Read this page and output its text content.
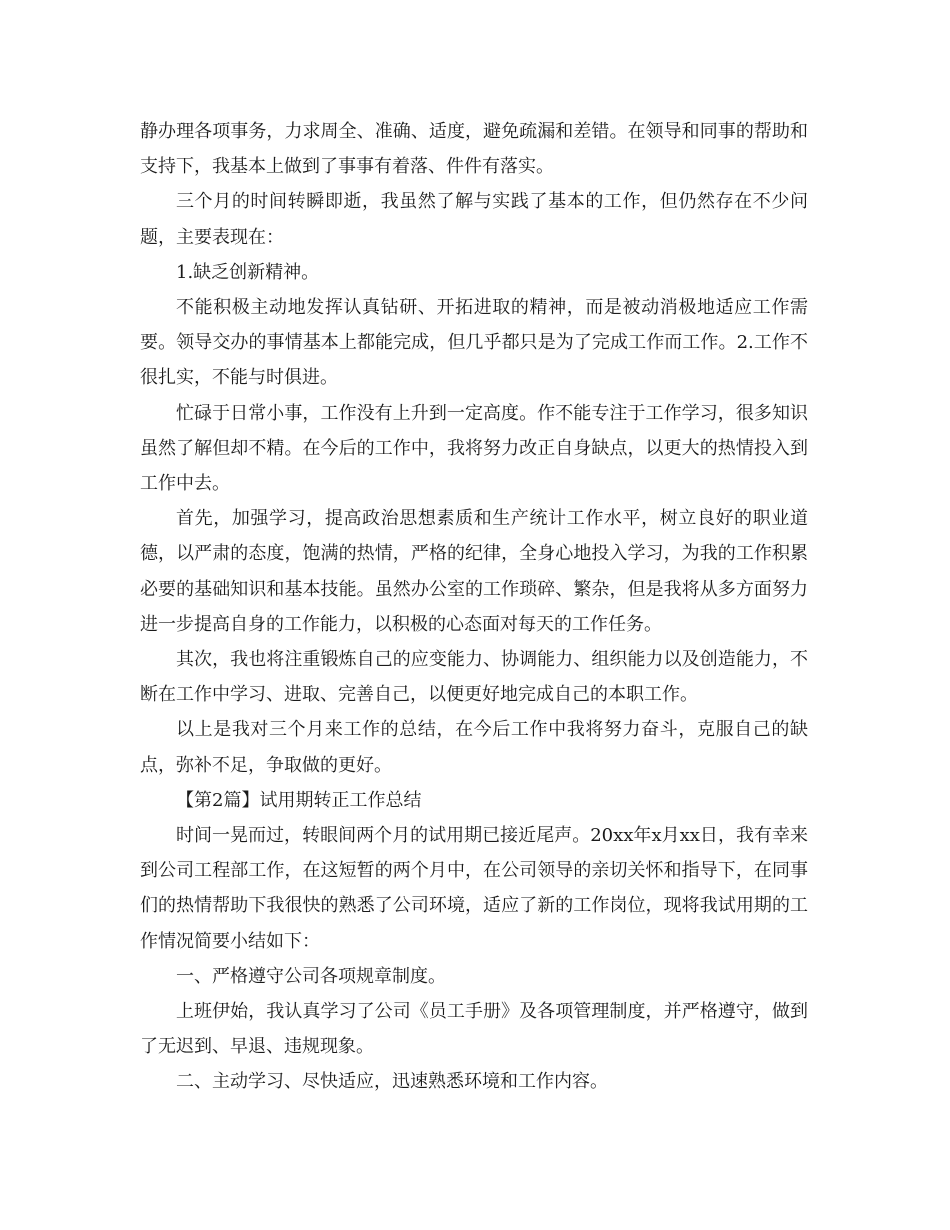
静办理各项事务，力求周全、准确、适度，避免疏漏和差错。在领导和同事的帮助和支持下，我基本上做到了事事有着落、件件有落实。

三个月的时间转瞬即逝，我虽然了解与实践了基本的工作，但仍然存在不少问题，主要表现在：

1.缺乏创新精神。

不能积极主动地发挥认真钻研、开拓进取的精神，而是被动消极地适应工作需要。领导交办的事情基本上都能完成，但几乎都只是为了完成工作而工作。2.工作不很扎实，不能与时俱进。

忙碌于日常小事，工作没有上升到一定高度。作不能专注于工作学习，很多知识虽然了解但却不精。在今后的工作中，我将努力改正自身缺点，以更大的热情投入到工作中去。

首先，加强学习，提高政治思想素质和生产统计工作水平，树立良好的职业道德，以严肃的态度，饱满的热情，严格的纪律，全身心地投入学习，为我的工作积累必要的基础知识和基本技能。虽然办公室的工作琐碎、繁杂，但是我将从多方面努力进一步提高自身的工作能力，以积极的心态面对每天的工作任务。

其次，我也将注重锻炼自己的应变能力、协调能力、组织能力以及创造能力，不断在工作中学习、进取、完善自己，以便更好地完成自己的本职工作。

以上是我对三个月来工作的总结，在今后工作中我将努力奋斗，克服自己的缺点，弥补不足，争取做的更好。

【第2篇】试用期转正工作总结

时间一晃而过，转眼间两个月的试用期已接近尾声。20xx年x月xx日，我有幸来到公司工程部工作，在这短暂的两个月中，在公司领导的亲切关怀和指导下，在同事们的热情帮助下我很快的熟悉了公司环境，适应了新的工作岗位，现将我试用期的工作情况简要小结如下：

一、严格遵守公司各项规章制度。

上班伊始，我认真学习了公司《员工手册》及各项管理制度，并严格遵守，做到了无迟到、早退、违规现象。

二、主动学习、尽快适应，迅速熟悉环境和工作内容。
